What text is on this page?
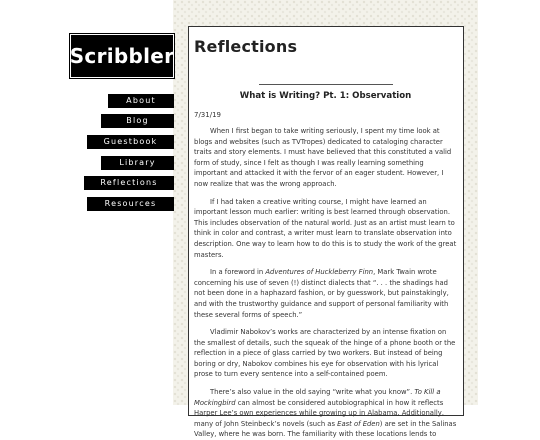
Scribbler
About
Blog
Guestbook
Library
Reflections
Resources
Reflections
What is Writing? Pt. 1: Observation
7/31/19

When I first began to take writing seriously, I spent my time look at blogs and websites (such as TVTropes) dedicated to cataloging character traits and story elements. I must have believed that this constituted a valid form of study, since I felt as though I was really learning something important and attacked it with the fervor of an eager student. However, I now realize that was the wrong approach.

If I had taken a creative writing course, I might have learned an important lesson much earlier: writing is best learned through observation. This includes observation of the natural world. Just as an artist must learn to think in color and contrast, a writer must learn to translate observation into description. One way to learn how to do this is to study the work of the great masters.

In a foreword in Adventures of Huckleberry Finn, Mark Twain wrote concerning his use of seven (!) distinct dialects that “. . . the shadings had not been done in a haphazard fashion, or by guesswork, but painstakingly, and with the trustworthy guidance and support of personal familiarity with these several forms of speech.”

Vladimir Nabokov’s works are characterized by an intense fixation on the smallest of details, such the squeak of the hinge of a phone booth or the reflection in a piece of glass carried by two workers. But instead of being boring or dry, Nabokov combines his eye for observation with his lyrical prose to turn every sentence into a self-contained poem.

There’s also value in the old saying “write what you know”. To Kill a Mockingbird can almost be considered autobiographical in how it reflects Harper Lee’s own experiences while growing up in Alabama. Additionally, many of John Steinbeck’s novels (such as East of Eden) are set in the Salinas Valley, where he was born. The familiarity with these locations lends to
